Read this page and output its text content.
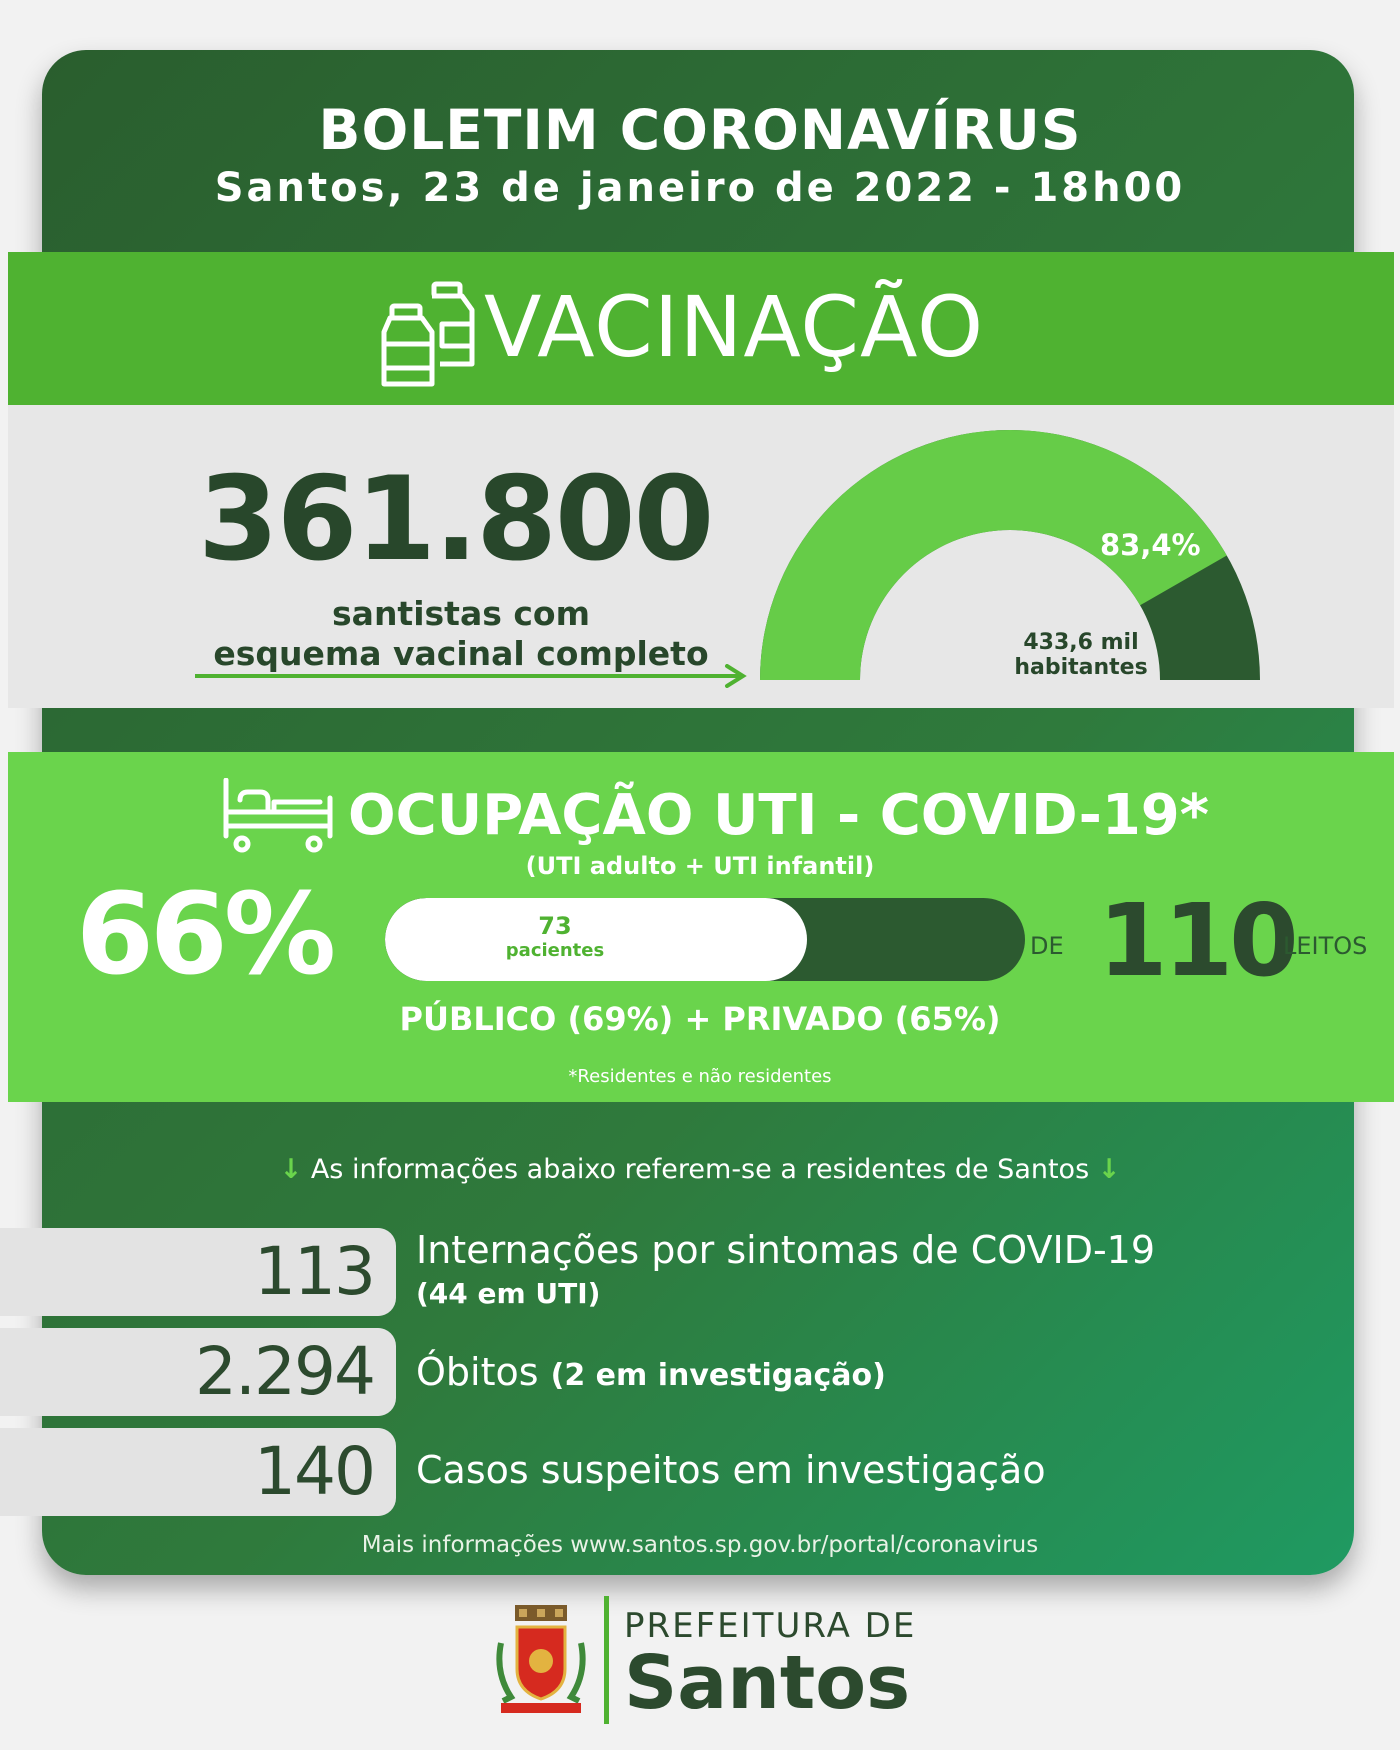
BOLETIM CORONAVÍRUS
Santos, 23 de janeiro de 2022 - 18h00
VACINAÇÃO
361.800
santistas com
esquema vacinal completo
83,4%
433,6 mil
habitantes
OCUPAÇÃO UTI - COVID-19*
(UTI adulto + UTI infantil)
66%	73
pacientes	DE 110
LEITOS
PÚBLICO (69%) + PRIVADO (65%)
*Residentes e não residentes
↓ As informações abaixo referem-se a residentes de Santos ↓
113 Internações por sintomas de COVID-19
(44 em UTI)
2.294 Óbitos (2 em investigação)
140 Casos suspeitos em investigação
Mais informações www.santos.sp.gov.br/portal/coronavirus
PREFEITURA DE
Santos
